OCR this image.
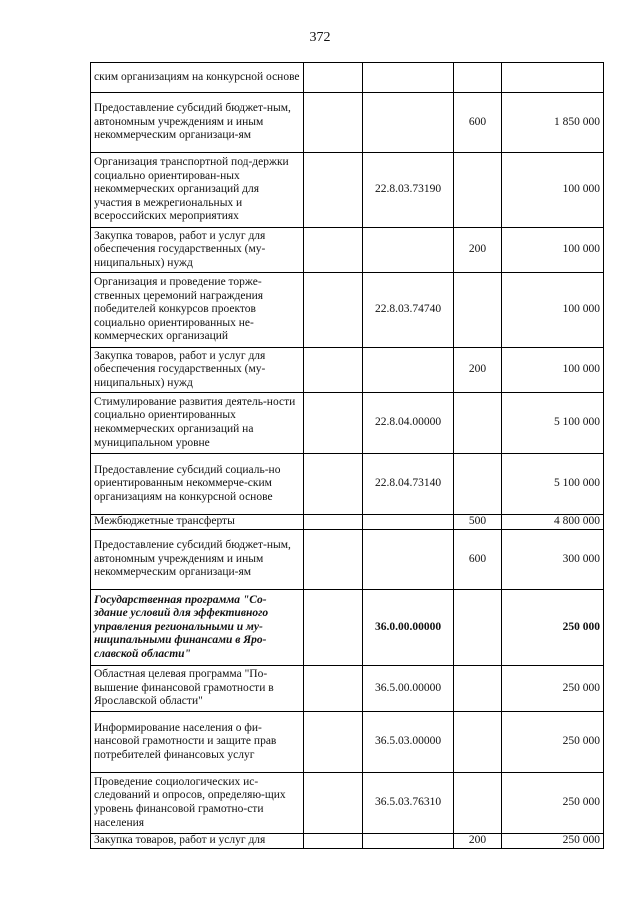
372
ским организациям на конкурсной основе				
Предоставление субсидий бюджет-ным, автономным учреждениям и иным некоммерческим организаци-ям			600	1 850 000
Организация транспортной под-держки социально ориентирован-ных некоммерческих организаций для участия в межрегиональных и всероссийских мероприятиях		22.8.03.73190		100 000
Закупка товаров, работ и услуг для обеспечения государственных (му-ниципальных) нужд			200	100 000
Организация и проведение торже-ственных церемоний награждения победителей конкурсов проектов социально ориентированных не-коммерческих организаций		22.8.03.74740		100 000
Закупка товаров, работ и услуг для обеспечения государственных (му-ниципальных) нужд			200	100 000
Стимулирование развития деятель-ности социально ориентированных некоммерческих организаций на муниципальном уровне		22.8.04.00000		5 100 000
Предоставление субсидий социаль-но ориентированным некоммерче-ским организациям на конкурсной основе		22.8.04.73140		5 100 000
Межбюджетные трансферты			500	4 800 000
Предоставление субсидий бюджет-ным, автономным учреждениям и иным некоммерческим организаци-ям			600	300 000
Государственная программа "Со-здание условий для эффективного управления региональными и му-ниципальными финансами в Ярo-славской области"		36.0.00.00000		250 000
Областная целевая программа "По-вышение финансовой грамотности в Ярославской области"		36.5.00.00000		250 000
Информирование населения о фи-нансовой грамотности и защите прав потребителей финансовых услуг		36.5.03.00000		250 000
Проведение социологических ис-следований и опросов, определяю-щих уровень финансовой грамотно-сти населения		36.5.03.76310		250 000
Закупка товаров, работ и услуг для			200	250 000
